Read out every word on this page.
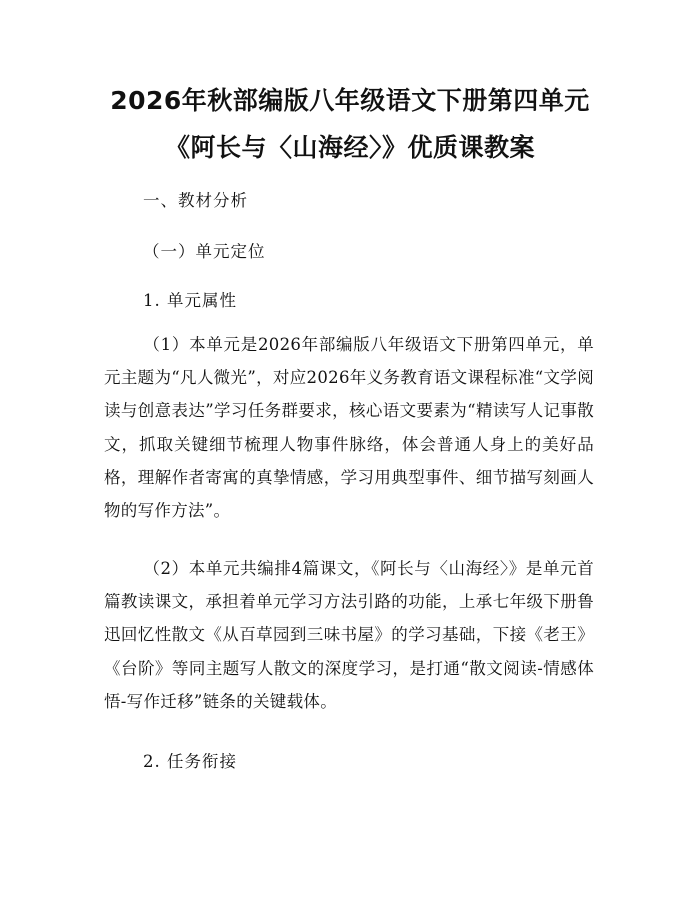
2026年秋部编版八年级语文下册第四单元
《阿长与〈山海经〉》优质课教案
一、教材分析
（一）单元定位
1. 单元属性
（1）本单元是2026年部编版八年级语文下册第四单元，单元主题为“凡人微光”，对应2026年义务教育语文课程标准“文学阅读与创意表达”学习任务群要求，核心语文要素为“精读写人记事散文，抓取关键细节梳理人物事件脉络，体会普通人身上的美好品格，理解作者寄寓的真挚情感，学习用典型事件、细节描写刻画人物的写作方法”。
（2）本单元共编排4篇课文，《阿长与〈山海经〉》是单元首篇教读课文，承担着单元学习方法引路的功能，上承七年级下册鲁迅回忆性散文《从百草园到三味书屋》的学习基础，下接《老王》《台阶》等同主题写人散文的深度学习，是打通“散文阅读-情感体悟-写作迁移”链条的关键载体。
2. 任务衔接
